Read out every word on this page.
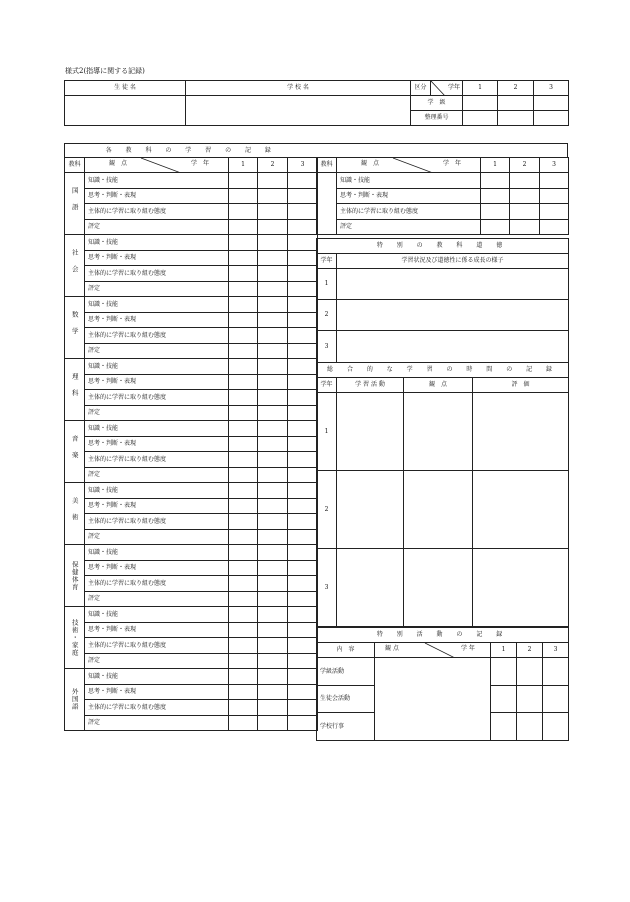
様式2(指導に関する記録)
生 徒 名	学 校 名	区分	学年	1	2	3
		学　級				
		整理番号				
各 教 科 の 学 習 の 記 録				
教科	観　点 学　年	1	2	3
国語	知識・技能			
	思考・判断・表現			
	主体的に学習に取り組む態度			
	評定			
社会	知識・技能			
	思考・判断・表現			
	主体的に学習に取り組む態度			
	評定			
数学	知識・技能			
	思考・判断・表現			
	主体的に学習に取り組む態度			
	評定			
理科	知識・技能			
	思考・判断・表現			
	主体的に学習に取り組む態度			
	評定			
音楽	知識・技能			
	思考・判断・表現			
	主体的に学習に取り組む態度			
	評定			
美術	知識・技能			
	思考・判断・表現			
	主体的に学習に取り組む態度			
	評定			
保健体育	知識・技能			
	思考・判断・表現			
	主体的に学習に取り組む態度			
	評定			
技術・家庭	知識・技能			
	思考・判断・表現			
	主体的に学習に取り組む態度			
	評定			
外国語	知識・技能			
	思考・判断・表現			
	主体的に学習に取り組む態度			
	評定			
教科	観　点 学　年	1	2	3
	知識・技能			
	思考・判断・表現			
	主体的に学習に取り組む態度			
	評定			
特 別 の 教 科 道 徳	
学年	学習状況及び道徳性に係る成長の様子
1	
2	
3	
総 合 的 な 学 習 の 時 間 の 記 録			
学年	学 習 活 動	観　点	評　価
1			
2			
3			
特 別 活 動 の 記 録				
内　容	観 点 学 年	1	2	3
学級活動				
生徒会活動				
学校行事				
